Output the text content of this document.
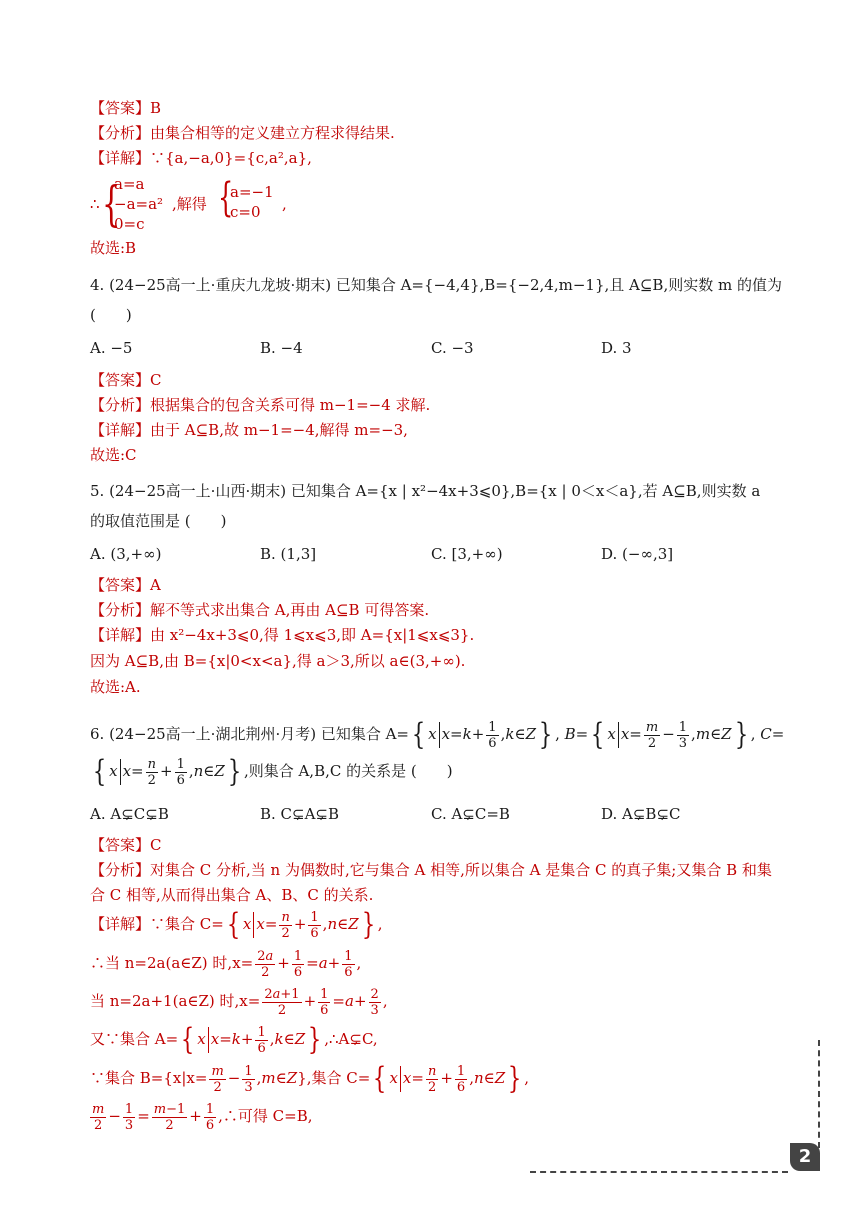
【答案】B
【分析】由集合相等的定义建立方程求得结果.
【详解】∵{a,−a,0}={c,a²,a},
∴ {
a=a
−a=a²
0=c
,解得 {
a=−1
c=0 ,
故选:B
4. (24−25高一上·重庆九龙坡·期末) 已知集合 A={−4,4},B={−2,4,m−1},且 A⊆B,则实数 m 的值为
(　　)
A. −5	B. −4	C. −3	D. 3
【答案】C
【分析】根据集合的包含关系可得 m−1=−4 求解.
【详解】由于 A⊆B,故 m−1=−4,解得 m=−3,
故选:C
5. (24−25高一上·山西·期末) 已知集合 A={x | x²−4x+3⩽0},B={x | 0＜x＜a},若 A⊆B,则实数 a
的取值范围是 (　　)
A. (3,+∞)	B. (1,3]	C. [3,+∞)	D. (−∞,3]
【答案】A
【分析】解不等式求出集合 A,再由 A⊆B 可得答案.
【详解】由 x²−4x+3⩽0,得 1⩽x⩽3,即 A={x|1⩽x⩽3}.
因为 A⊆B,由 B={x|0<x<a},得 a＞3,所以 a∈(3,+∞).
故选:A.
6. (24−25高一上·湖北荆州·月考) 已知集合 A={ x $x=k+ \frac{1}{6}$ ,k∈Z} , B={ x $x= \frac{m}{2} - \frac{1}{3}$ ,m∈Z} , C=
{ x $x= \frac{n}{2} + \frac{1}{6}$ ,n∈Z} ,则集合 A,B,C 的关系是 (　　)
A. A⊊C⊊B	B. C⊊A⊊B	C. A⊊C=B	D. A⊊B⊊C
【答案】C
【分析】对集合 C 分析,当 n 为偶数时,它与集合 A 相等,所以集合 A 是集合 C 的真子集;又集合 B 和集
合 C 相等,从而得出集合 A、B、C 的关系.
【详解】∵集合 C={ x $x= \frac{n}{2} + \frac{1}{6}$ ,n∈Z} ,
∴当 n=2a(a∈Z) 时$,x= \frac{2a}{2} + \frac{1}{6} =a+ \frac{1}{6}$ ,
当 n=2a+1(a∈Z) 时$,x= \frac{2a+1}{2} + \frac{1}{6} =a+ \frac{2}{3}$ ,
又∵集合 A={ x $x=k+ \frac{1}{6}$ ,k∈Z} ,∴A⊊C,
∵集合 $B=\{x|x= \frac{m}{2} - \frac{1}{3}$ ,m∈Z},集合 C={ x $x= \frac{n}{2} + \frac{1}{6}$ ,n∈Z} ,
$\frac{m}{2} - \frac{1}{3} = \frac{m-1}{2} + \frac{1}{6}$ ,∴可得 C=B,
2
